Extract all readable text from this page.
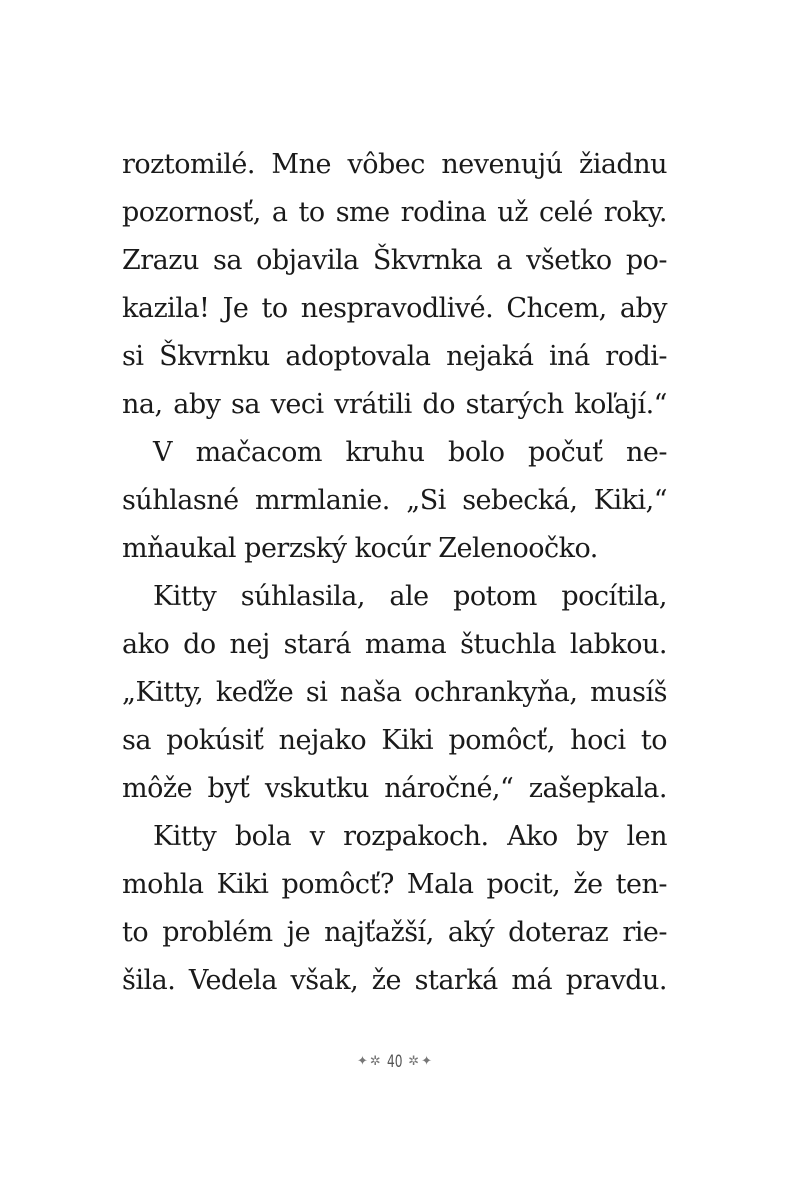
roztomilé. Mne vôbec nevenujú žiadnu
pozornosť, a to sme rodina už celé roky.
Zrazu sa objavila Škvrnka a všetko po-
kazila! Je to nespravodlivé. Chcem, aby
si Škvrnku adoptovala nejaká iná rodi-
na, aby sa veci vrátili do starých koľají.“
V mačacom kruhu bolo počuť ne-
súhlasné mrmlanie. „Si sebecká, Kiki,“
mňaukal perzský kocúr Zelenoočko.
Kitty súhlasila, ale potom pocítila,
ako do nej stará mama štuchla labkou.
„Kitty, keďže si naša ochrankyňa, musíš
sa pokúsiť nejako Kiki pomôcť, hoci to
môže byť vskutku náročné,“ zašepkala.
Kitty bola v rozpakoch. Ako by len
mohla Kiki pomôcť? Mala pocit, že ten-
to problém je najťažší, aký doteraz rie-
šila. Vedela však, že starká má pravdu.
✦ ✲ 40 ✲ ✦
